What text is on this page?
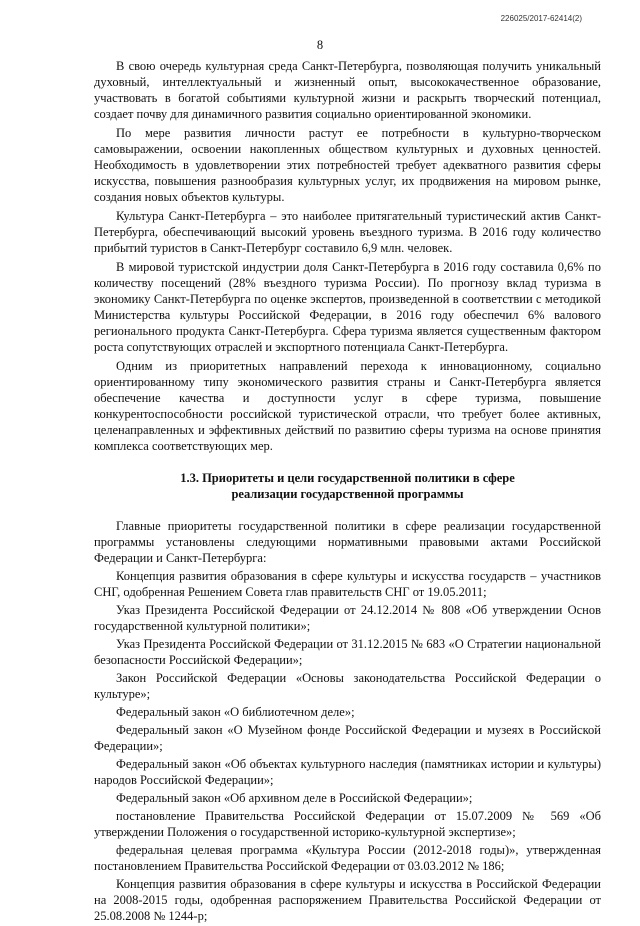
226025/2017-62414(2)
8

В свою очередь культурная среда Санкт-Петербурга, позволяющая получить уникальный духовный, интеллектуальный и жизненный опыт, высококачественное образование, участвовать в богатой событиями культурной жизни и раскрыть творческий потенциал, создает почву для динамичного развития социально ориентированной экономики.

По мере развития личности растут ее потребности в культурно-творческом самовыражении, освоении накопленных обществом культурных и духовных ценностей. Необходимость в удовлетворении этих потребностей требует адекватного развития сферы искусства, повышения разнообразия культурных услуг, их продвижения на мировом рынке, создания новых объектов культуры.

Культура Санкт-Петербурга – это наиболее притягательный туристический актив Санкт-Петербурга, обеспечивающий высокий уровень въездного туризма. В 2016 году количество прибытий туристов в Санкт-Петербург составило 6,9 млн. человек.

В мировой туристской индустрии доля Санкт-Петербурга в 2016 году составила 0,6% по количеству посещений (28% въездного туризма России). По прогнозу вклад туризма в экономику Санкт-Петербурга по оценке экспертов, произведенной в соответствии с методикой Министерства культуры Российской Федерации, в 2016 году обеспечил 6% валового регионального продукта Санкт-Петербурга. Сфера туризма является существенным фактором роста сопутствующих отраслей и экспортного потенциала Санкт-Петербурга.

Одним из приоритетных направлений перехода к инновационному, социально ориентированному типу экономического развития страны и Санкт-Петербурга является обеспечение качества и доступности услуг в сфере туризма, повышение конкурентоспособности российской туристической отрасли, что требует более активных, целенаправленных и эффективных действий по развитию сферы туризма на основе принятия комплекса соответствующих мер.

1.3. Приоритеты и цели государственной политики в сфере
реализации государственной программы

Главные приоритеты государственной политики в сфере реализации государственной программы установлены следующими нормативными правовыми актами Российской Федерации и Санкт-Петербурга:

Концепция развития образования в сфере культуры и искусства государств – участников СНГ, одобренная Решением Совета глав правительств СНГ от 19.05.2011;

Указ Президента Российской Федерации от 24.12.2014 № 808 «Об утверждении Основ государственной культурной политики»;

Указ Президента Российской Федерации от 31.12.2015 № 683 «О Стратегии национальной безопасности Российской Федерации»;

Закон Российской Федерации «Основы законодательства Российской Федерации о культуре»;

Федеральный закон «О библиотечном деле»;

Федеральный закон «О Музейном фонде Российской Федерации и музеях в Российской Федерации»;

Федеральный закон «Об объектах культурного наследия (памятниках истории и культуры) народов Российской Федерации»;

Федеральный закон «Об архивном деле в Российской Федерации»;

постановление Правительства Российской Федерации от 15.07.2009 № 569 «Об утверждении Положения о государственной историко-культурной экспертизе»;

федеральная целевая программа «Культура России (2012-2018 годы)», утвержденная постановлением Правительства Российской Федерации от 03.03.2012 № 186;

Концепция развития образования в сфере культуры и искусства в Российской Федерации на 2008-2015 годы, одобренная распоряжением Правительства Российской Федерации от 25.08.2008 № 1244-р;
